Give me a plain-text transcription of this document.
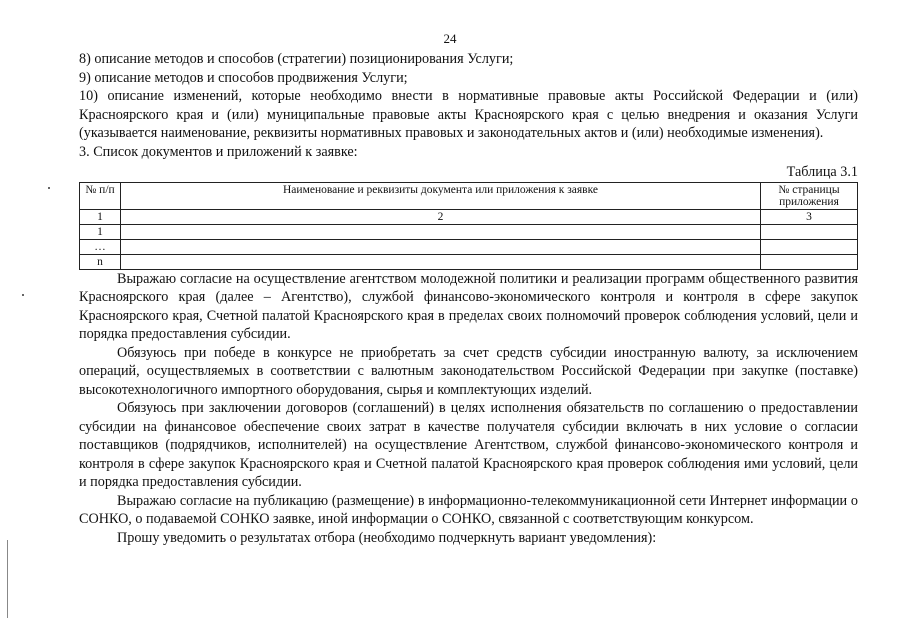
24

8) описание методов и способов (стратегии) позиционирования Услуги;

9) описание методов и способов продвижения Услуги;

10) описание изменений, которые необходимо внести в нормативные правовые акты Российской Федерации и (или) Красноярского края и (или) муниципальные правовые акты Красноярского края с целью внедрения и оказания Услуги (указывается наименование, реквизиты нормативных правовых и законодательных актов и (или) необходимые изменения).

3. Список документов и приложений к заявке:

Таблица 3.1
№ п/п	Наименование и реквизиты документа или приложения к заявке	№ страницы приложения
1	2	3
1		
…		
n		

Выражаю согласие на осуществление агентством молодежной политики и реализации программ общественного развития Красноярского края (далее – Агентство), службой финансово-экономического контроля и контроля в сфере закупок Красноярского края, Счетной палатой Красноярского края в пределах своих полномочий проверок соблюдения условий, цели и порядка предоставления субсидии.

Обязуюсь при победе в конкурсе не приобретать за счет средств субсидии иностранную валюту, за исключением операций, осуществляемых в соответствии с валютным законодательством Российской Федерации при закупке (поставке) высокотехнологичного импортного оборудования, сырья и комплектующих изделий.

Обязуюсь при заключении договоров (соглашений) в целях исполнения обязательств по соглашению о предоставлении субсидии на финансовое обеспечение своих затрат в качестве получателя субсидии включать в них условие о согласии поставщиков (подрядчиков, исполнителей) на осуществление Агентством, службой финансово-экономического контроля и контроля в сфере закупок Красноярского края и Счетной палатой Красноярского края проверок соблюдения ими условий, цели и порядка предоставления субсидии.

Выражаю согласие на публикацию (размещение) в информационно-телекоммуникационной сети Интернет информации о СОНКО, о подаваемой СОНКО заявке, иной информации о СОНКО, связанной с соответствующим конкурсом.

Прошу уведомить о результатах отбора (необходимо подчеркнуть вариант уведомления):
